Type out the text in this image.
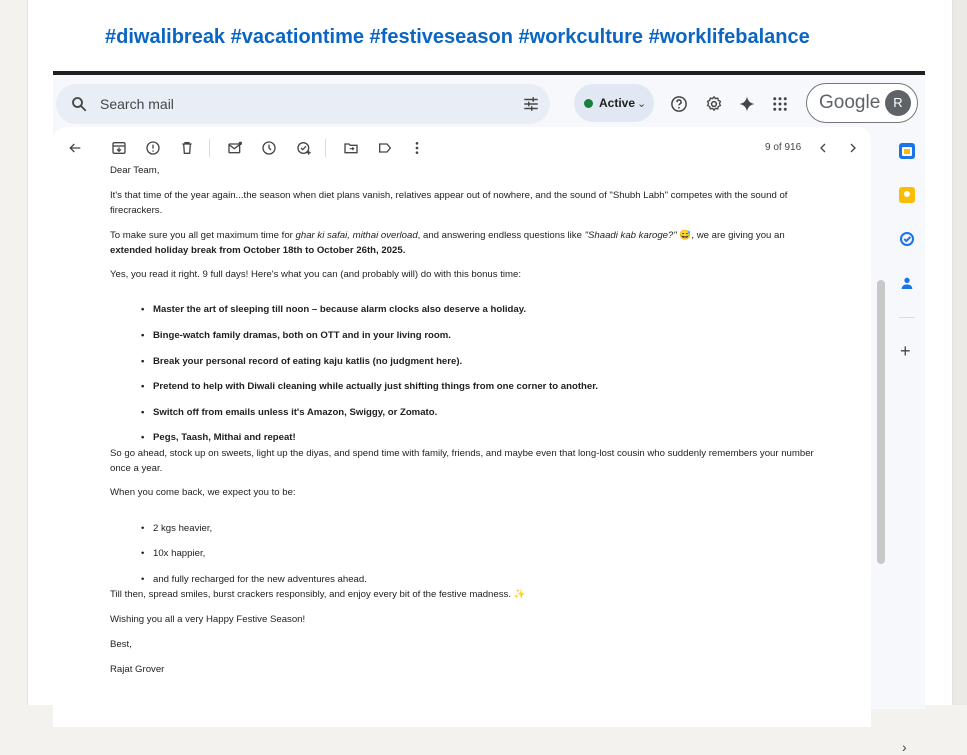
#diwalibreak #vacationtime #festiveseason #workculture #worklifebalance

Search mail	Active ⌄	Google	R
9 of 916

Dear Team,

It's that time of the year again...the season when diet plans vanish, relatives appear out of nowhere, and the sound of "Shubh Labh" competes with the sound of

firecrackers.

To make sure you all get maximum time for ghar ki safai, mithai overload, and answering endless questions like "Shaadi kab karoge?" 😅, we are giving you an

extended holiday break from October 18th to October 26th, 2025.

Yes, you read it right. 9 full days! Here's what you can (and probably will) do with this bonus time:

• Master the art of sleeping till noon – because alarm clocks also deserve a holiday.

• Binge-watch family dramas, both on OTT and in your living room.

• Break your personal record of eating kaju katlis (no judgment here).

• Pretend to help with Diwali cleaning while actually just shifting things from one corner to another.

• Switch off from emails unless it's Amazon, Swiggy, or Zomato.

• Pegs, Taash, Mithai and repeat!

So go ahead, stock up on sweets, light up the diyas, and spend time with family, friends, and maybe even that long-lost cousin who suddenly remembers your number

once a year.

When you come back, we expect you to be:

• 2 kgs heavier,

• 10x happier,

• and fully recharged for the new adventures ahead.

Till then, spread smiles, burst crackers responsibly, and enjoy every bit of the festive madness. ✨

Wishing you all a very Happy Festive Season!

Best,

Rajat Grover

+
›
